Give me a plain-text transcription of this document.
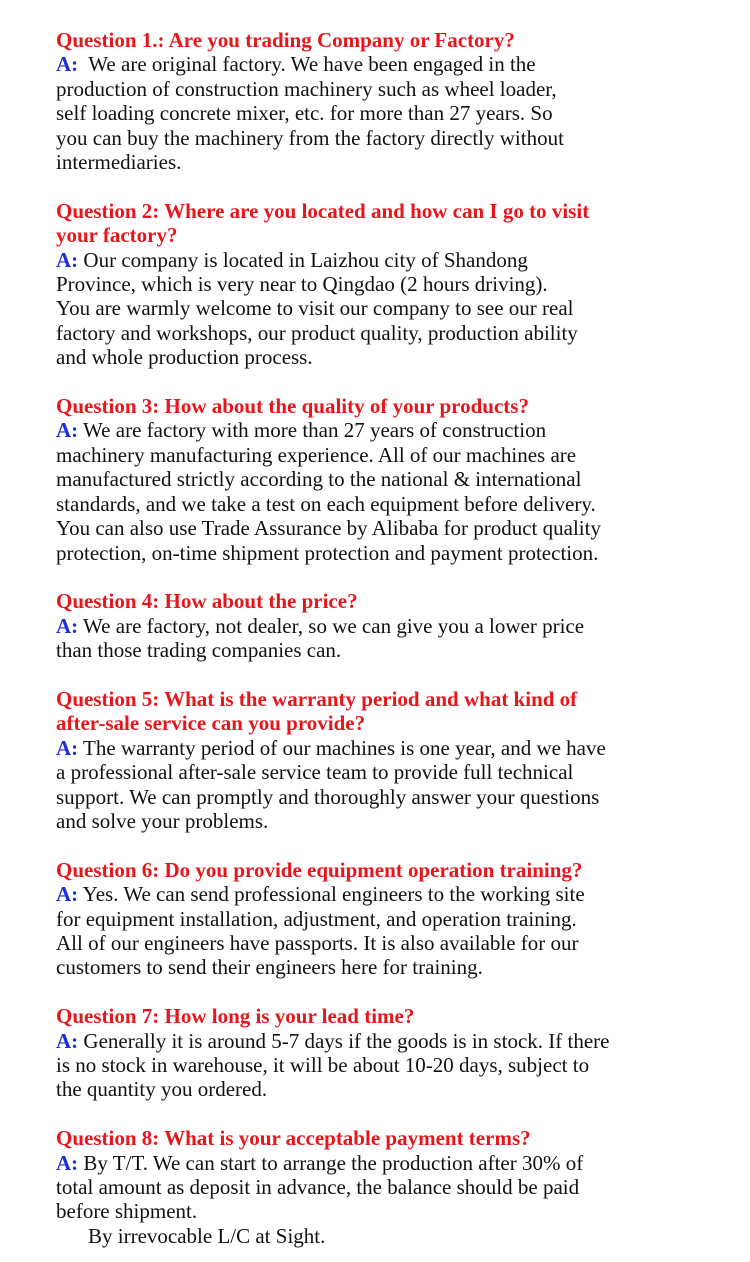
Question 1.: Are you trading Company or Factory?
A:  We are original factory. We have been engaged in the
production of construction machinery such as wheel loader,
self loading concrete mixer, etc. for more than 27 years. So
you can buy the machinery from the factory directly without
intermediaries.
Question 2: Where are you located and how can I go to visit
your factory?
A: Our company is located in Laizhou city of Shandong
Province, which is very near to Qingdao (2 hours driving).
You are warmly welcome to visit our company to see our real
factory and workshops, our product quality, production ability
and whole production process.
Question 3: How about the quality of your products?
A: We are factory with more than 27 years of construction
machinery manufacturing experience. All of our machines are
manufactured strictly according to the national & international
standards, and we take a test on each equipment before delivery.
You can also use Trade Assurance by Alibaba for product quality
protection, on-time shipment protection and payment protection.
Question 4: How about the price?
A: We are factory, not dealer, so we can give you a lower price
than those trading companies can.
Question 5: What is the warranty period and what kind of
after-sale service can you provide?
A: The warranty period of our machines is one year, and we have
a professional after-sale service team to provide full technical
support. We can promptly and thoroughly answer your questions
and solve your problems.
Question 6: Do you provide equipment operation training?
A: Yes. We can send professional engineers to the working site
for equipment installation, adjustment, and operation training.
All of our engineers have passports. It is also available for our
customers to send their engineers here for training.
Question 7: How long is your lead time?
A: Generally it is around 5-7 days if the goods is in stock. If there
is no stock in warehouse, it will be about 10-20 days, subject to
the quantity you ordered.
Question 8: What is your acceptable payment terms?
A: By T/T. We can start to arrange the production after 30% of
total amount as deposit in advance, the balance should be paid
before shipment.
By irrevocable L/C at Sight.
